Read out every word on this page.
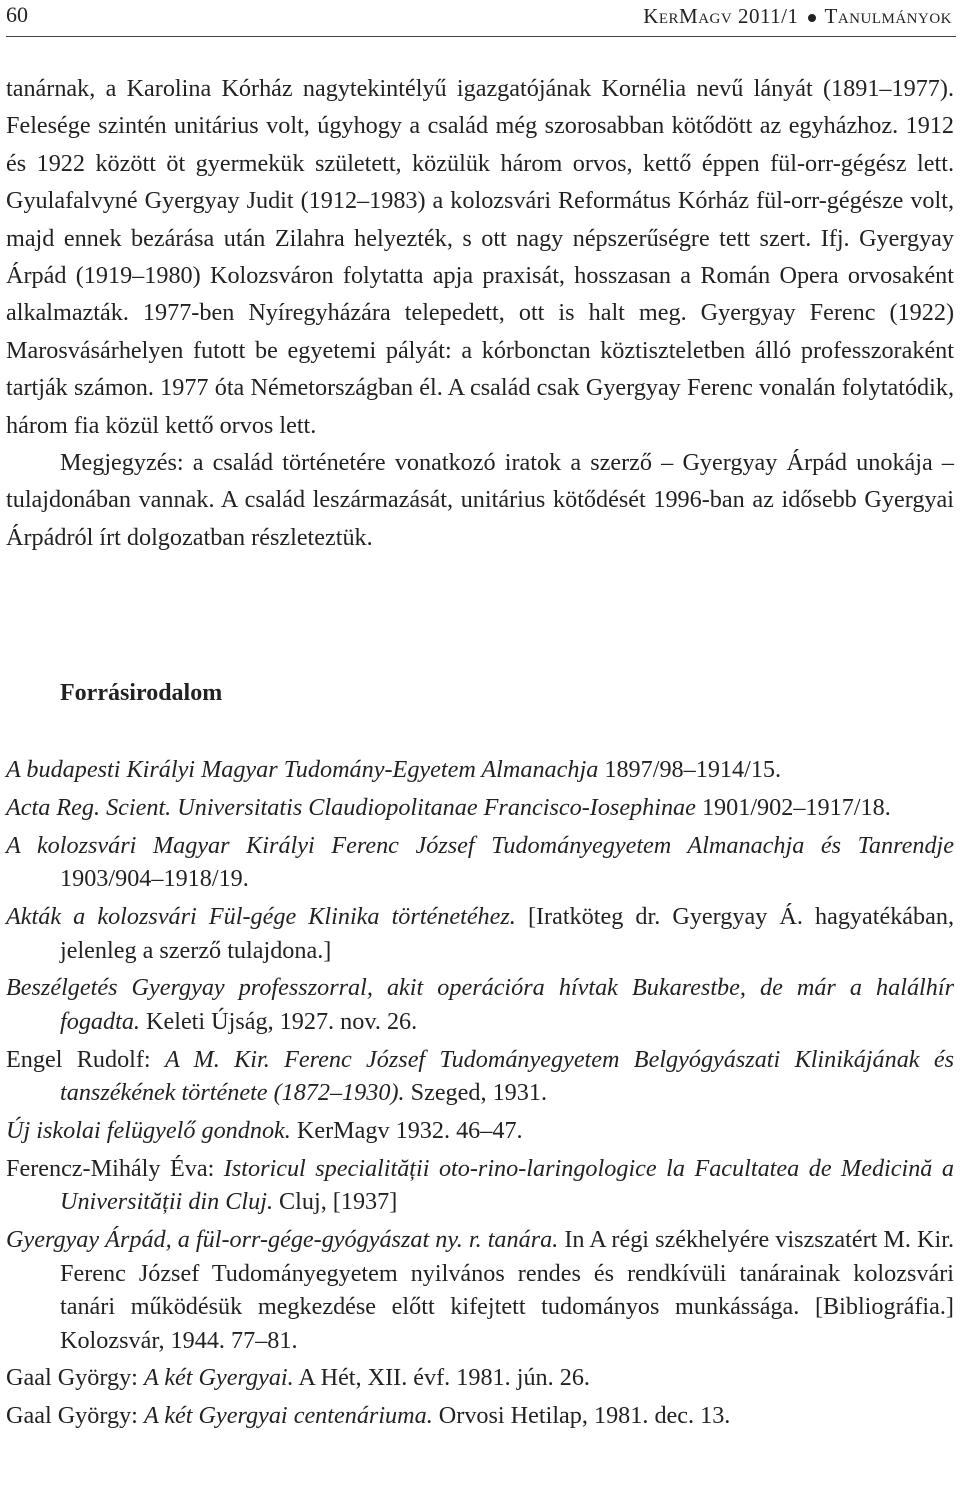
60	KerMagv 2011/1 Tanulmányok

tanárnak, a Karolina Kórház nagytekintélyű igazgatójának Kornélia nevű lányát (1891–1977). Felesége szintén unitárius volt, úgyhogy a család még szorosabban kötődött az egyházhoz. 1912 és 1922 között öt gyermekük született, közülük három orvos, kettő éppen fül-orr-gégész lett. Gyulafalvyné Gyergyay Judit (1912–1983) a kolozsvári Református Kórház fül-orr-gégésze volt, majd ennek bezárása után Zilahra helyezték, s ott nagy népszerűségre tett szert. Ifj. Gyergyay Árpád (1919–1980) Kolozsváron folytatta apja praxisát, hosszasan a Román Opera orvosaként alkalmazták. 1977-ben Nyíregyházára telepedett, ott is halt meg. Gyergyay Ferenc (1922) Marosvásárhelyen futott be egyetemi pályát: a kórbonctan köztiszteletben álló professzoraként tartják számon. 1977 óta Németországban él. A család csak Gyergyay Ferenc vonalán folytatódik, három fia közül kettő orvos lett.

Megjegyzés: a család történetére vonatkozó iratok a szerző – Gyergyay Árpád unokája – tulajdonában vannak. A család leszármazását, unitárius kötődését 1996-ban az idősebb Gyergyai Árpádról írt dolgozatban részleteztük.

Forrásirodalom
A budapesti Királyi Magyar Tudomány-Egyetem Almanachja 1897/98–1914/15.
Acta Reg. Scient. Universitatis Claudiopolitanae Francisco-Iosephinae 1901/902–1917/18.
A kolozsvári Magyar Királyi Ferenc József Tudományegyetem Almanachja és Tanrendje 1903/904–1918/19.
Akták a kolozsvári Fül-gége Klinika történetéhez. [Iratköteg dr. Gyergyay Á. hagyatékában, jelenleg a szerző tulajdona.]
Beszélgetés Gyergyay professzorral, akit operációra hívtak Bukarestbe, de már a halálhír fogadta. Keleti Újság, 1927. nov. 26.
Engel Rudolf: A M. Kir. Ferenc József Tudományegyetem Belgyógyászati Klinikájának és tanszékének története (1872–1930). Szeged, 1931.
Új iskolai felügyelő gondnok. KerMagv 1932. 46–47.
Ferencz-Mihály Éva: Istoricul specialității oto-rino-laringologice la Facultatea de Medicină a Universității din Cluj. Cluj, [1937]
Gyergyay Árpád, a fül-orr-gége-gyógyászat ny. r. tanára. In A régi székhelyére viszszatért M. Kir. Ferenc József Tudományegyetem nyilvános rendes és rendkívüli tanárainak kolozsvári tanári működésük megkezdése előtt kifejtett tudományos munkássága. [Bibliográfia.] Kolozsvár, 1944. 77–81.
Gaal György: A két Gyergyai. A Hét, XII. évf. 1981. jún. 26.
Gaal György: A két Gyergyai centenáriuma. Orvosi Hetilap, 1981. dec. 13.
